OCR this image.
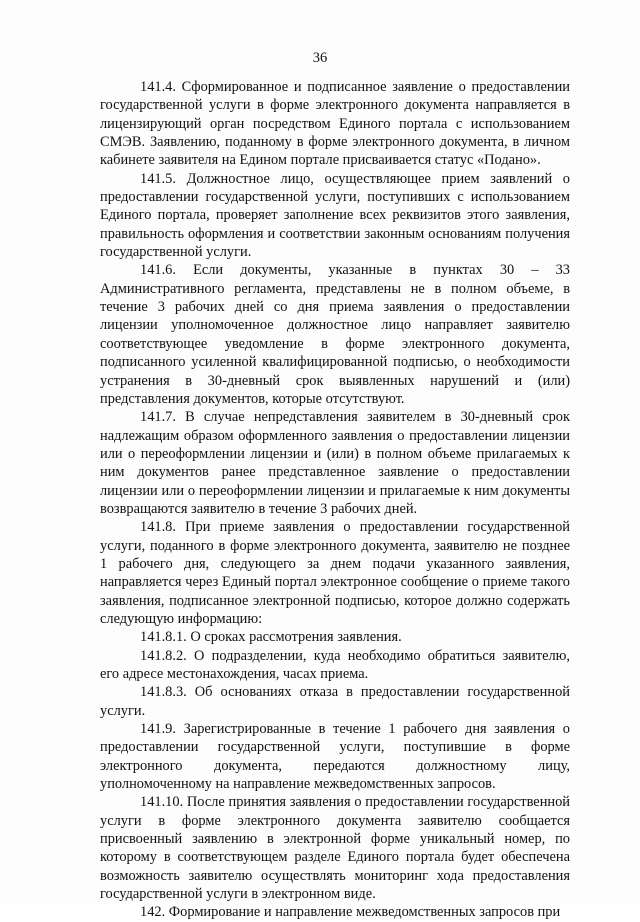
36

141.4. Сформированное и подписанное заявление о предоставлении государственной услуги в форме электронного документа направляется в лицензирующий орган посредством Единого портала с использованием СМЭВ. Заявлению, поданному в форме электронного документа, в личном кабинете заявителя на Едином портале присваивается статус «Подано».

141.5. Должностное лицо, осуществляющее прием заявлений о предоставлении государственной услуги, поступивших с использованием Единого портала, проверяет заполнение всех реквизитов этого заявления, правильность оформления и соответствии законным основаниям получения государственной услуги.

141.6. Если документы, указанные в пунктах 30 – 33 Административного регламента, представлены не в полном объеме, в течение 3 рабочих дней со дня приема заявления о предоставлении лицензии уполномоченное должностное лицо направляет заявителю соответствующее уведомление в форме электронного документа, подписанного усиленной квалифицированной подписью, о необходимости устранения в 30-дневный срок выявленных нарушений и (или) представления документов, которые отсутствуют.

141.7. В случае непредставления заявителем в 30-дневный срок надлежащим образом оформленного заявления о предоставлении лицензии или о переоформлении лицензии и (или) в полном объеме прилагаемых к ним документов ранее представленное заявление о предоставлении лицензии или о переоформлении лицензии и прилагаемые к ним документы возвращаются заявителю в течение 3 рабочих дней.

141.8. При приеме заявления о предоставлении государственной услуги, поданного в форме электронного документа, заявителю не позднее 1 рабочего дня, следующего за днем подачи указанного заявления, направляется через Единый портал электронное сообщение о приеме такого заявления, подписанное электронной подписью, которое должно содержать следующую информацию:

141.8.1. О сроках рассмотрения заявления.

141.8.2. О подразделении, куда необходимо обратиться заявителю, его адресе местонахождения, часах приема.

141.8.3. Об основаниях отказа в предоставлении государственной услуги.

141.9. Зарегистрированные в течение 1 рабочего дня заявления о предоставлении государственной услуги, поступившие в форме электронного документа, передаются должностному лицу, уполномоченному на направление межведомственных запросов.

141.10. После принятия заявления о предоставлении государственной услуги в форме электронного документа заявителю сообщается присвоенный заявлению в электронной форме уникальный номер, по которому в соответствующем разделе Единого портала будет обеспечена возможность заявителю осуществлять мониторинг хода предоставления государственной услуги в электронном виде.

142. Формирование и направление межведомственных запросов при
